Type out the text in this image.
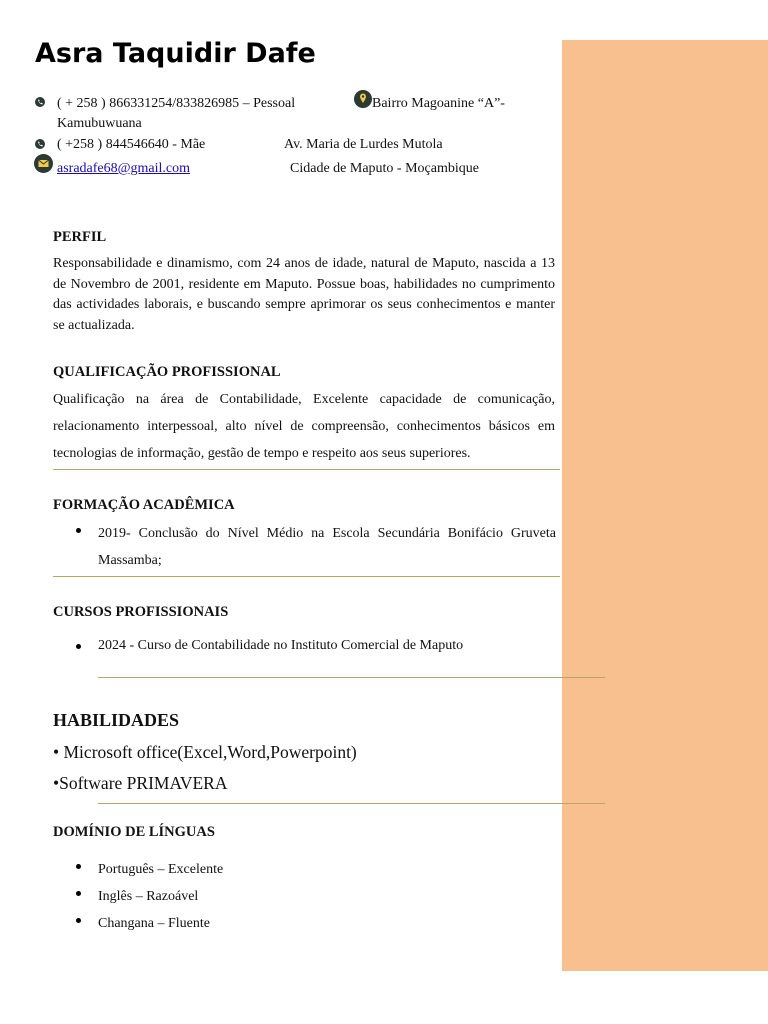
Asra Taquidir Dafe
( + 258 ) 866331254/833826985 – Pessoal	Bairro Magoanine “A”-
Kamubuwuana
( +258 ) 844546640 - Mãe	Av. Maria de Lurdes Mutola
asradafe68@gmail.com	Cidade de Maputo - Moçambique
PERFIL

Responsabilidade e dinamismo, com 24 anos de idade, natural de Maputo, nascida a 13 de Novembro de 2001, residente em Maputo. Possue boas, habilidades no cumprimento das actividades laborais, e buscando sempre aprimorar os seus conhecimentos e manter se actualizada.

QUALIFICAÇÃO PROFISSIONAL

Qualificação na área de Contabilidade, Excelente capacidade de comunicação, relacionamento interpessoal, alto nível de compreensão, conhecimentos básicos em tecnologias de informação, gestão de tempo e respeito aos seus superiores.

FORMAÇÃO ACADÊMICA
2019- Conclusão do Nível Médio na Escola Secundária Bonifácio Gruveta Massamba;
CURSOS PROFISSIONAIS
2024 - Curso de Contabilidade no Instituto Comercial de Maputo
HABILIDADES
• Microsoft office(Excel,Word,Powerpoint)
•Software PRIMAVERA
DOMÍNIO DE LÍNGUAS
Português – Excelente
Inglês – Razoável
Changana – Fluente
